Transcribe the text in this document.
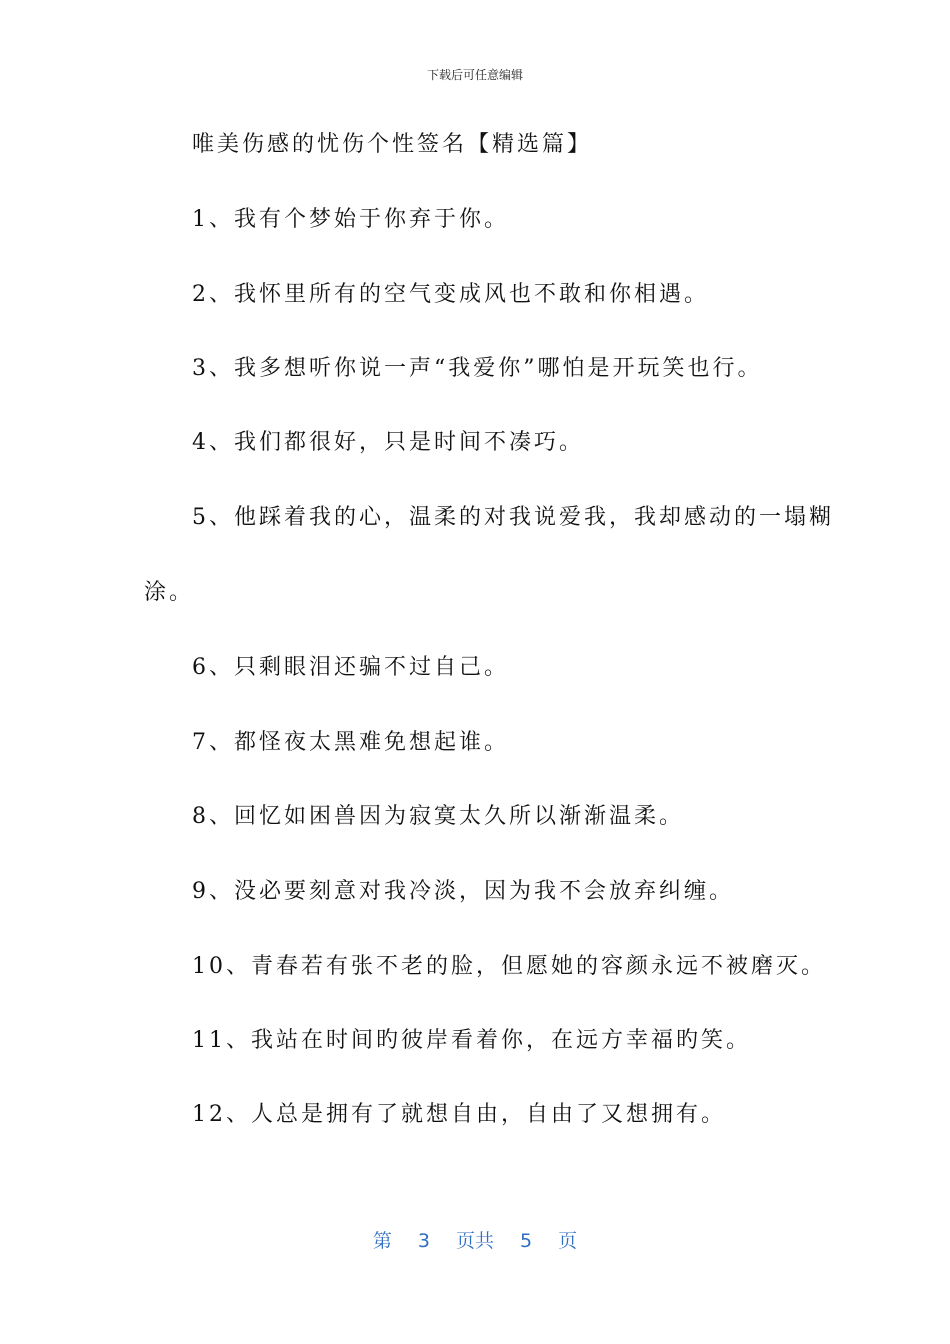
下载后可任意编辑
唯美伤感的忧伤个性签名【精选篇】
1、我有个梦始于你弃于你。
2、我怀里所有的空气变成风也不敢和你相遇。
3、我多想听你说一声“我爱你”哪怕是开玩笑也行。
4、我们都很好，只是时间不凑巧。
5、他踩着我的心，温柔的对我说爱我，我却感动的一塌糊
涂。
6、只剩眼泪还骗不过自己。
7、都怪夜太黑难免想起谁。
8、回忆如困兽因为寂寞太久所以渐渐温柔。
9、没必要刻意对我冷淡，因为我不会放弃纠缠。
10、青春若有张不老的脸，但愿她的容颜永远不被磨灭。
11、我站在时间旳彼岸看着你，在远方幸福旳笑。
12、人总是拥有了就想自由，自由了又想拥有。
第 3 页共 5 页
